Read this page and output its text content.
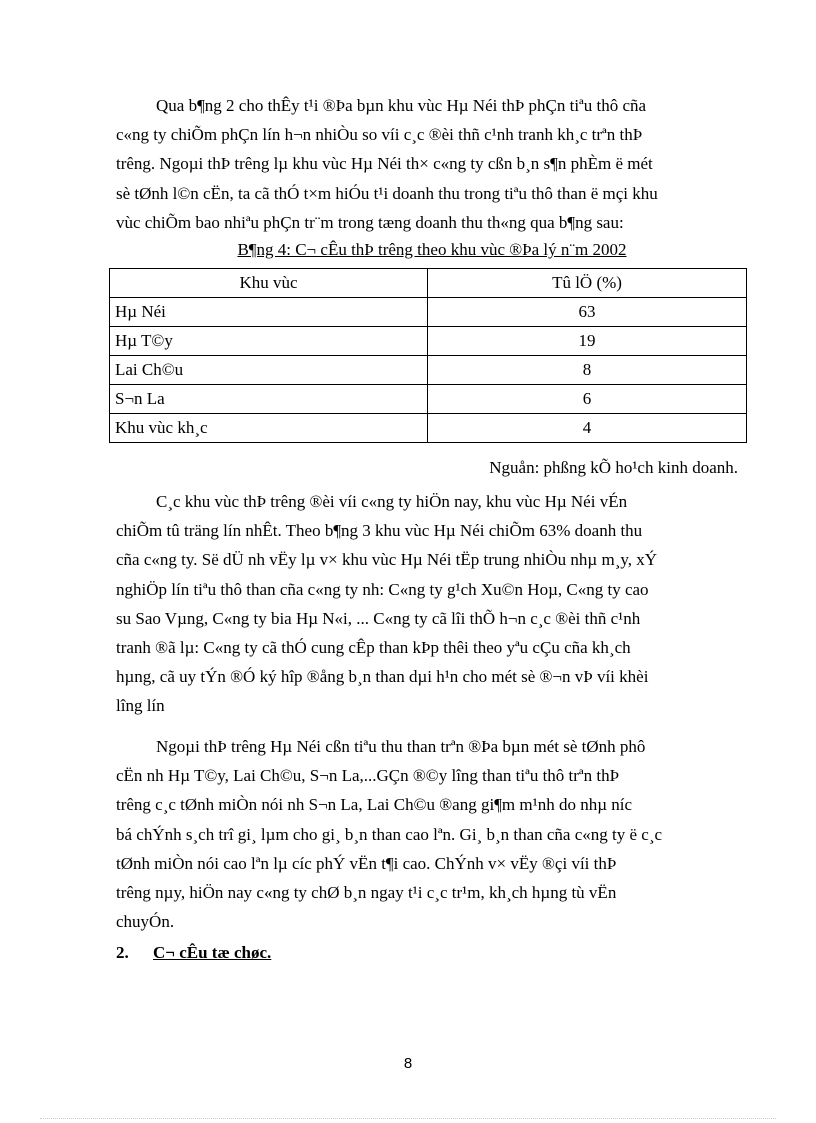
Qua b¶ng 2 cho thÊy t¹i ®Þa bµn khu vùc Hµ Néi thÞ phÇn tiªu thô cña
c«ng ty chiÕm phÇn lín h¬n nhiÒu so víi c¸c ®èi thñ c¹nh tranh kh¸c trªn thÞ
trêng. Ngoµi thÞ trêng lµ khu vùc Hµ Néi th× c«ng ty cßn b¸n s¶n phÈm ë mét
sè tØnh l©n cËn, ta cã thÓ t×m hiÓu t¹i doanh thu trong tiªu thô than ë mçi khu
vùc chiÕm bao nhiªu phÇn tr¨m trong tæng doanh thu th«ng qua b¶ng sau:

B¶ng 4: C¬ cÊu thÞ trêng theo khu vùc ®Þa lý n¨m 2002
Khu vùc	Tû lÖ (%)
Hµ Néi	63
Hµ T©y	19
Lai Ch©u	8
S¬n La	6
Khu vùc kh¸c	4
Nguån: phßng kÕ ho¹ch kinh doanh.

C¸c khu vùc thÞ trêng ®èi víi c«ng ty hiÖn nay, khu vùc Hµ Néi vÉn
chiÕm tû träng lín nhÊt. Theo b¶ng 3 khu vùc Hµ Néi chiÕm 63% doanh thu
cña c«ng ty. Së dÜ nh vËy lµ v× khu vùc Hµ Néi tËp trung nhiÒu nhµ m¸y, xÝ
nghiÖp lín tiªu thô than cña c«ng ty nh: C«ng ty g¹ch Xu©n Hoµ, C«ng ty cao
su Sao Vµng, C«ng ty bia Hµ N«i, ... C«ng ty cã lîi thÕ h¬n c¸c ®èi thñ c¹nh
tranh ®ã lµ: C«ng ty cã thÓ cung cÊp than kÞp thêi theo yªu cÇu cña kh¸ch
hµng, cã uy tÝn ®Ó ký hîp ®ång b¸n than dµi h¹n cho mét sè ®¬n vÞ víi khèi
lîng lín

Ngoµi thÞ trêng Hµ Néi cßn tiªu thu than trªn ®Þa bµn mét sè tØnh phô
cËn nh Hµ T©y, Lai Ch©u, S¬n La,...GÇn ®©y lîng than tiªu thô trªn thÞ
trêng c¸c tØnh miÒn nói nh S¬n La, Lai Ch©u ®ang gi¶m m¹nh do nhµ níc
bá chÝnh s¸ch trî gi¸ lµm cho gi¸ b¸n than cao lªn. Gi¸ b¸n than cña c«ng ty ë c¸c
tØnh miÒn nói cao lªn lµ cíc phÝ vËn t¶i cao. ChÝnh v× vËy ®çi víi thÞ
trêng nµy, hiÖn nay c«ng ty chØ b¸n ngay t¹i c¸c tr¹m, kh¸ch hµng tù vËn
chuyÓn.

2. C¬ cÊu tæ chøc.
8
